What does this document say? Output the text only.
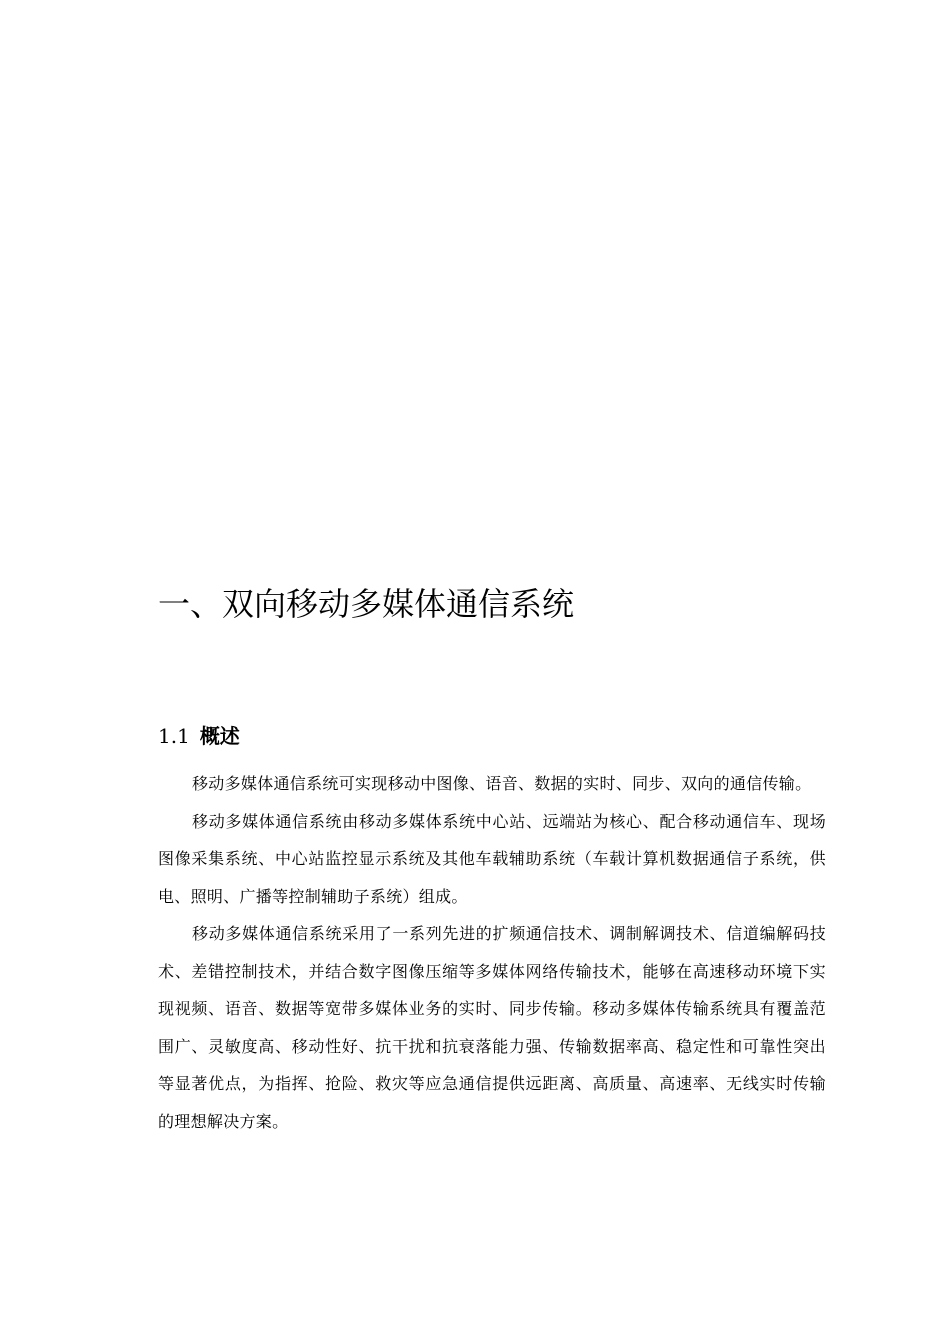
一、双向移动多媒体通信系统
1.1 概述

移动多媒体通信系统可实现移动中图像、语音、数据的实时、同步、双向的通信传输。

移动多媒体通信系统由移动多媒体系统中心站、远端站为核心、配合移动通信车、现场图像采集系统、中心站监控显示系统及其他车载辅助系统（车载计算机数据通信子系统，供电、照明、广播等控制辅助子系统）组成。

移动多媒体通信系统采用了一系列先进的扩频通信技术、调制解调技术、信道编解码技术、差错控制技术，并结合数字图像压缩等多媒体网络传输技术，能够在高速移动环境下实现视频、语音、数据等宽带多媒体业务的实时、同步传输。移动多媒体传输系统具有覆盖范围广、灵敏度高、移动性好、抗干扰和抗衰落能力强、传输数据率高、稳定性和可靠性突出等显著优点，为指挥、抢险、救灾等应急通信提供远距离、高质量、高速率、无线实时传输的理想解决方案。
